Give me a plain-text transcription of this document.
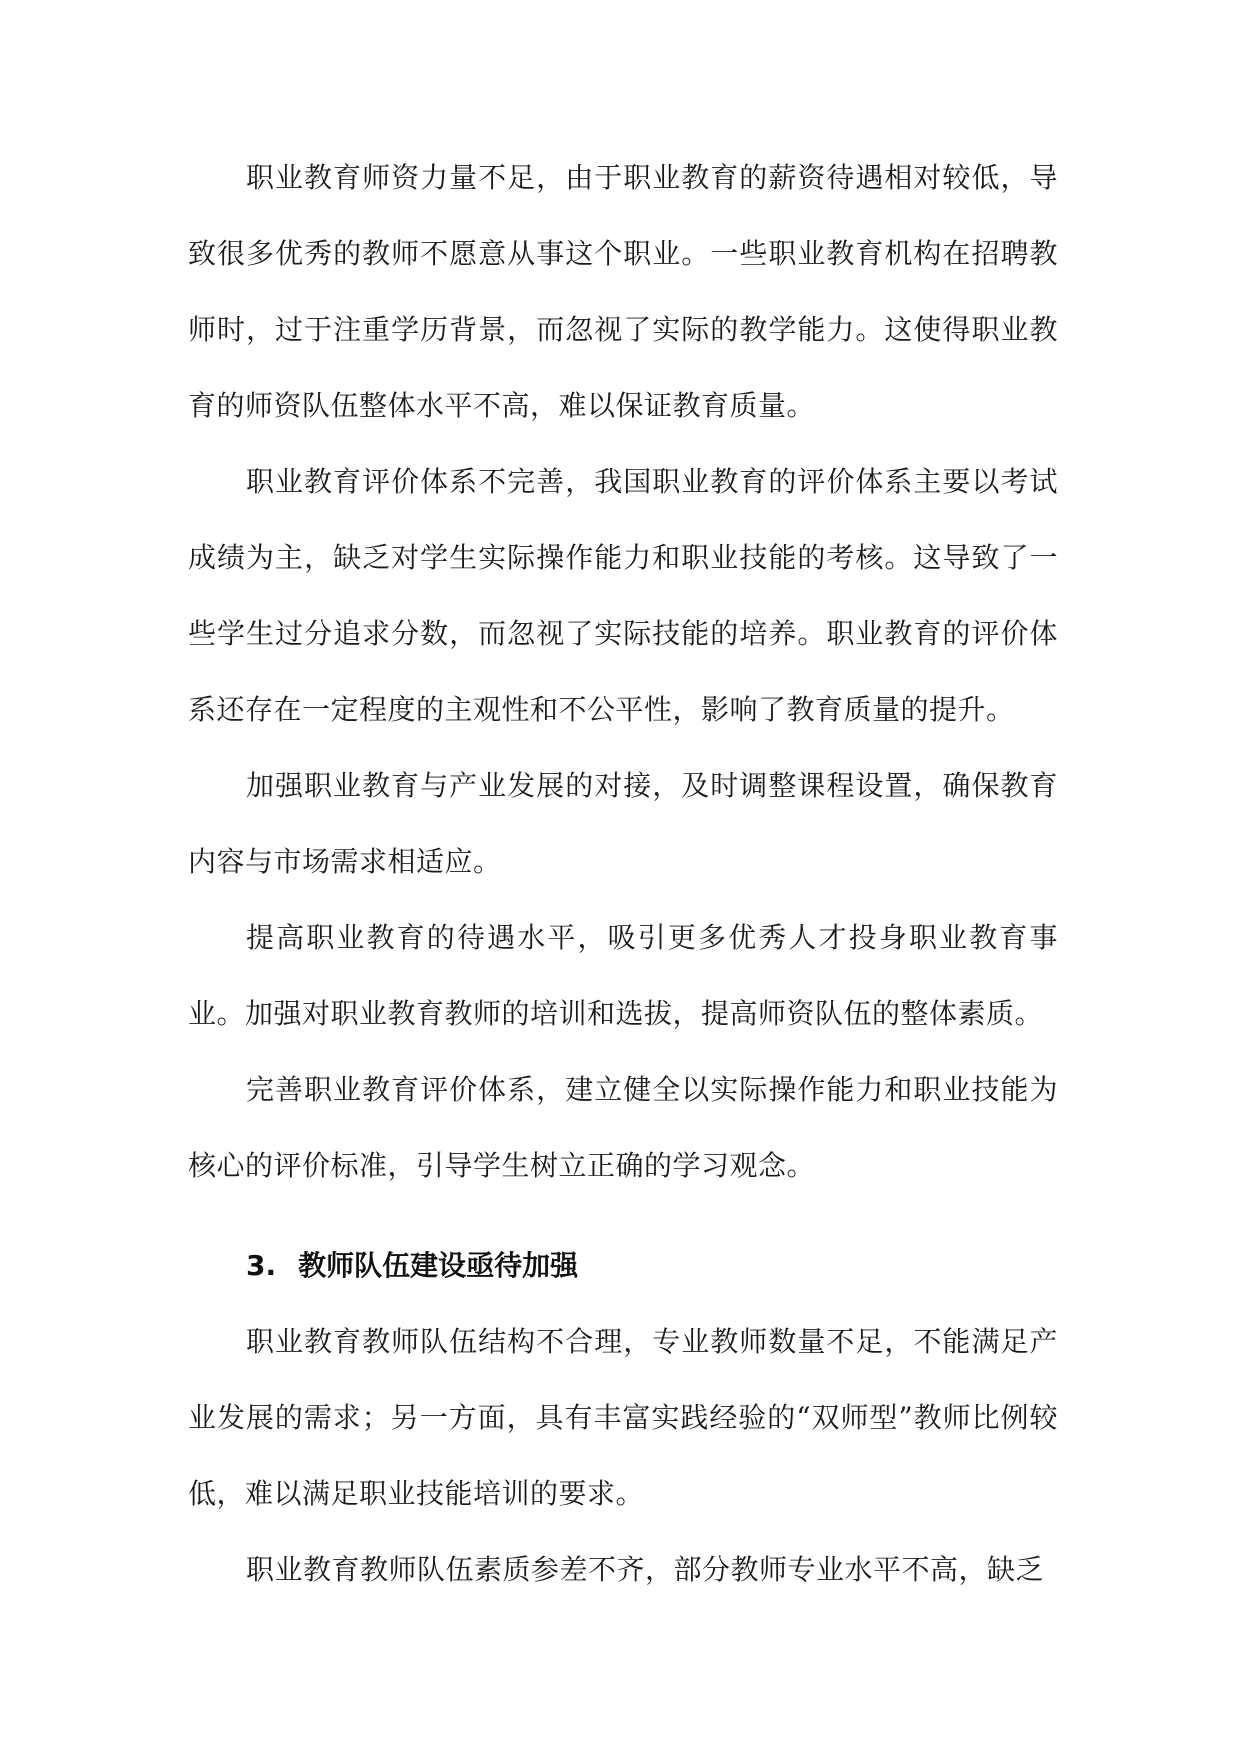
职业教育师资力量不足，由于职业教育的薪资待遇相对较低，导致很多优秀的教师不愿意从事这个职业。一些职业教育机构在招聘教师时，过于注重学历背景，而忽视了实际的教学能力。这使得职业教育的师资队伍整体水平不高，难以保证教育质量。

职业教育评价体系不完善，我国职业教育的评价体系主要以考试成绩为主，缺乏对学生实际操作能力和职业技能的考核。这导致了一些学生过分追求分数，而忽视了实际技能的培养。职业教育的评价体系还存在一定程度的主观性和不公平性，影响了教育质量的提升。

加强职业教育与产业发展的对接，及时调整课程设置，确保教育内容与市场需求相适应。

提高职业教育的待遇水平，吸引更多优秀人才投身职业教育事业。加强对职业教育教师的培训和选拔，提高师资队伍的整体素质。

完善职业教育评价体系，建立健全以实际操作能力和职业技能为核心的评价标准，引导学生树立正确的学习观念。

3. 教师队伍建设亟待加强

职业教育教师队伍结构不合理，专业教师数量不足，不能满足产业发展的需求；另一方面，具有丰富实践经验的“双师型”教师比例较低，难以满足职业技能培训的要求。

职业教育教师队伍素质参差不齐，部分教师专业水平不高，缺乏
